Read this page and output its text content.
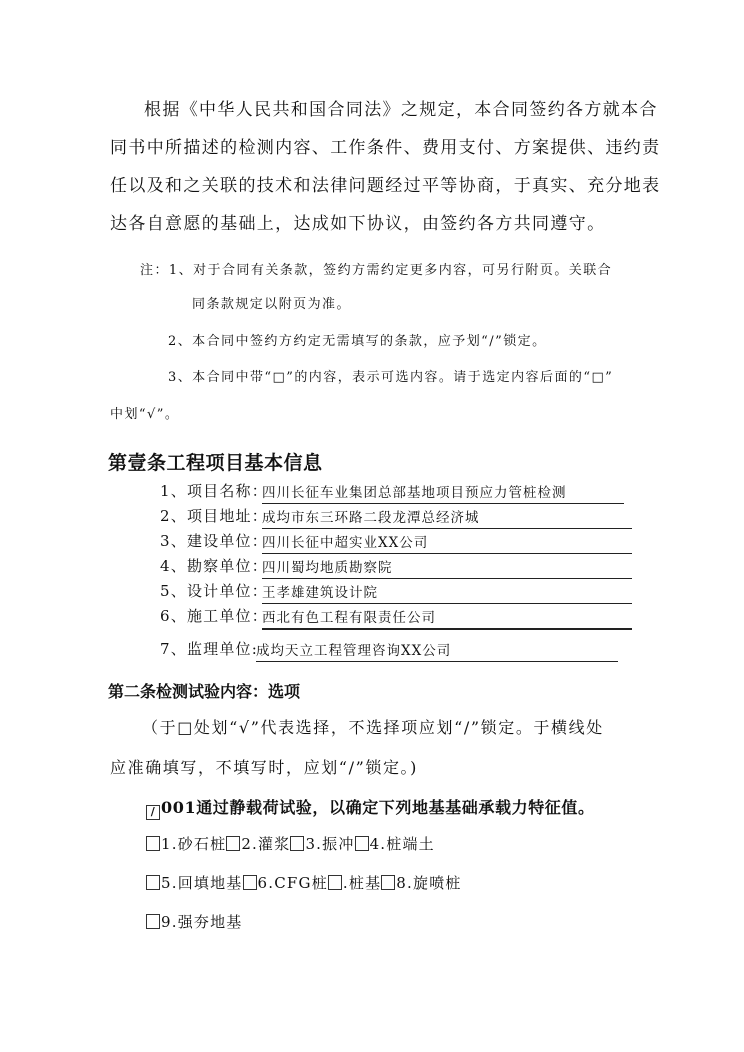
根据《中华人民共和国合同法》之规定，本合同签约各方就本合
同书中所描述的检测内容、工作条件、费用支付、方案提供、违约责
任以及和之关联的技术和法律问题经过平等协商，于真实、充分地表
达各自意愿的基础上，达成如下协议，由签约各方共同遵守。
注：1、对于合同有关条款，签约方需约定更多内容，可另行附页。关联合
同条款规定以附页为准。
2、本合同中签约方约定无需填写的条款，应予划“/”锁定。
3、本合同中带“□”的内容，表示可选内容。请于选定内容后面的“□”
中划“√”。
第壹条工程项目基本信息
1、项目名称：
四川长征车业集团总部基地项目预应力管桩检测
2、项目地址：
成均市东三环路二段龙潭总经济城
3、建设单位：
四川长征中超实业XX公司
4、勘察单位：
四川蜀均地质勘察院
5、设计单位：
王孝雄建筑设计院
6、施工单位：
西北有色工程有限责任公司
7、监理单位:
成均天立工程管理咨询XX公司
第二条检测试验内容：选项
（于□处划“√”代表选择，不选择项应划“/”锁定。于横线处
应准确填写，不填写时，应划“/”锁定。)
/ 001通过静载荷试验，以确定下列地基基础承载力特征值。
1.砂石桩 2.灌浆 3.振冲 4.桩端土
5.回填地基 6.CFG桩 .桩基 8.旋喷桩
9.强夯地基
